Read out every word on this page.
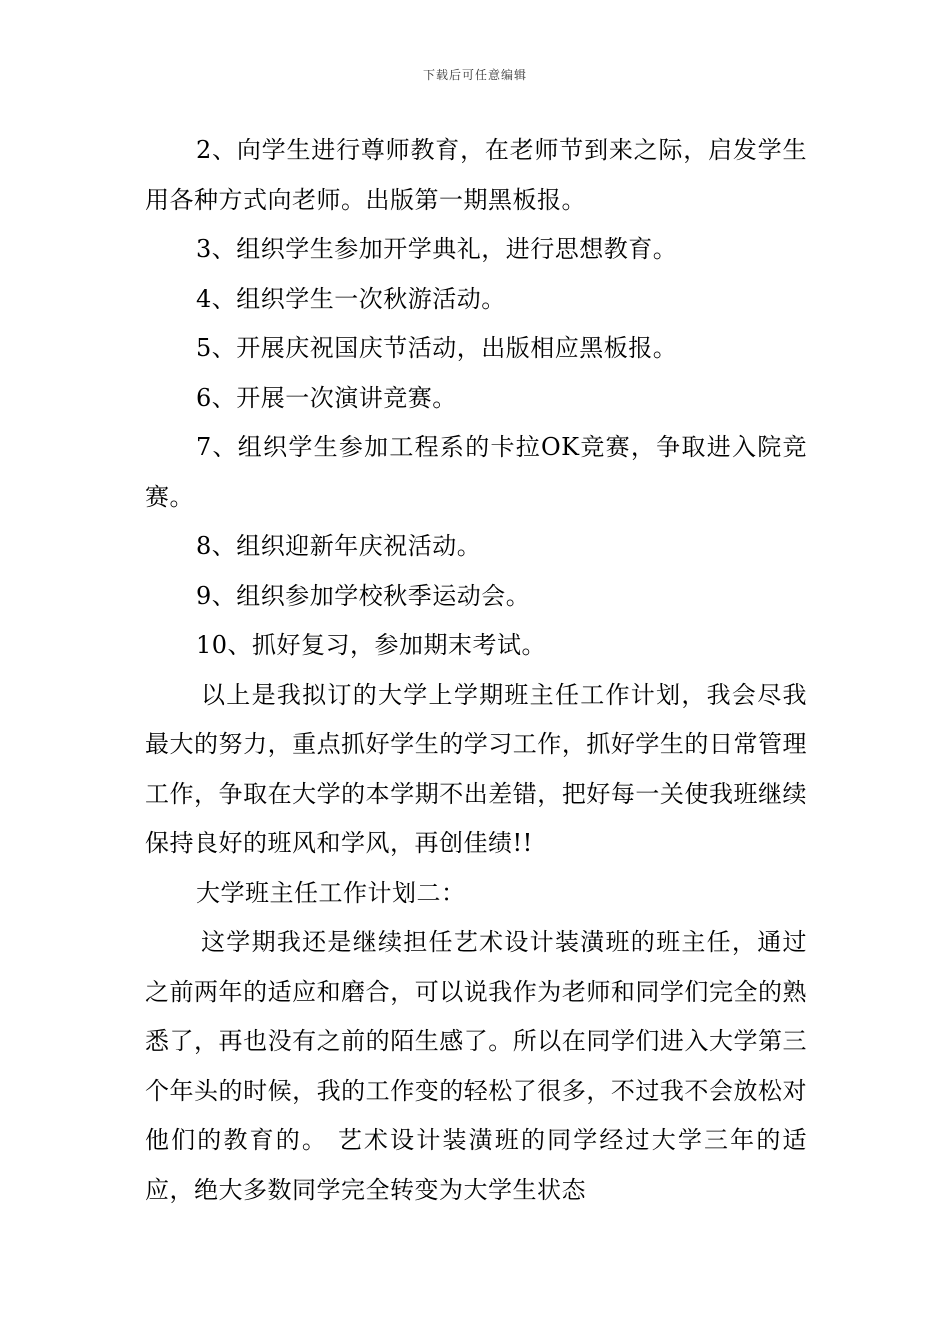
下载后可任意编辑

2、向学生进行尊师教育，在老师节到来之际，启发学生用各种方式向老师。出版第一期黑板报。

3、组织学生参加开学典礼，进行思想教育。

4、组织学生一次秋游活动。

5、开展庆祝国庆节活动，出版相应黑板报。

6、开展一次演讲竞赛。

7、组织学生参加工程系的卡拉OK竞赛，争取进入院竞赛。

8、组织迎新年庆祝活动。

9、组织参加学校秋季运动会。

10、抓好复习，参加期末考试。

以上是我拟订的大学上学期班主任工作计划，我会尽我最大的努力，重点抓好学生的学习工作，抓好学生的日常管理工作，争取在大学的本学期不出差错，把好每一关使我班继续保持良好的班风和学风，再创佳绩!!

大学班主任工作计划二：

这学期我还是继续担任艺术设计装潢班的班主任，通过之前两年的适应和磨合，可以说我作为老师和同学们完全的熟悉了，再也没有之前的陌生感了。所以在同学们进入大学第三个年头的时候，我的工作变的轻松了很多，不过我不会放松对他们的教育的。 艺术设计装潢班的同学经过大学三年的适应，绝大多数同学完全转变为大学生状态
